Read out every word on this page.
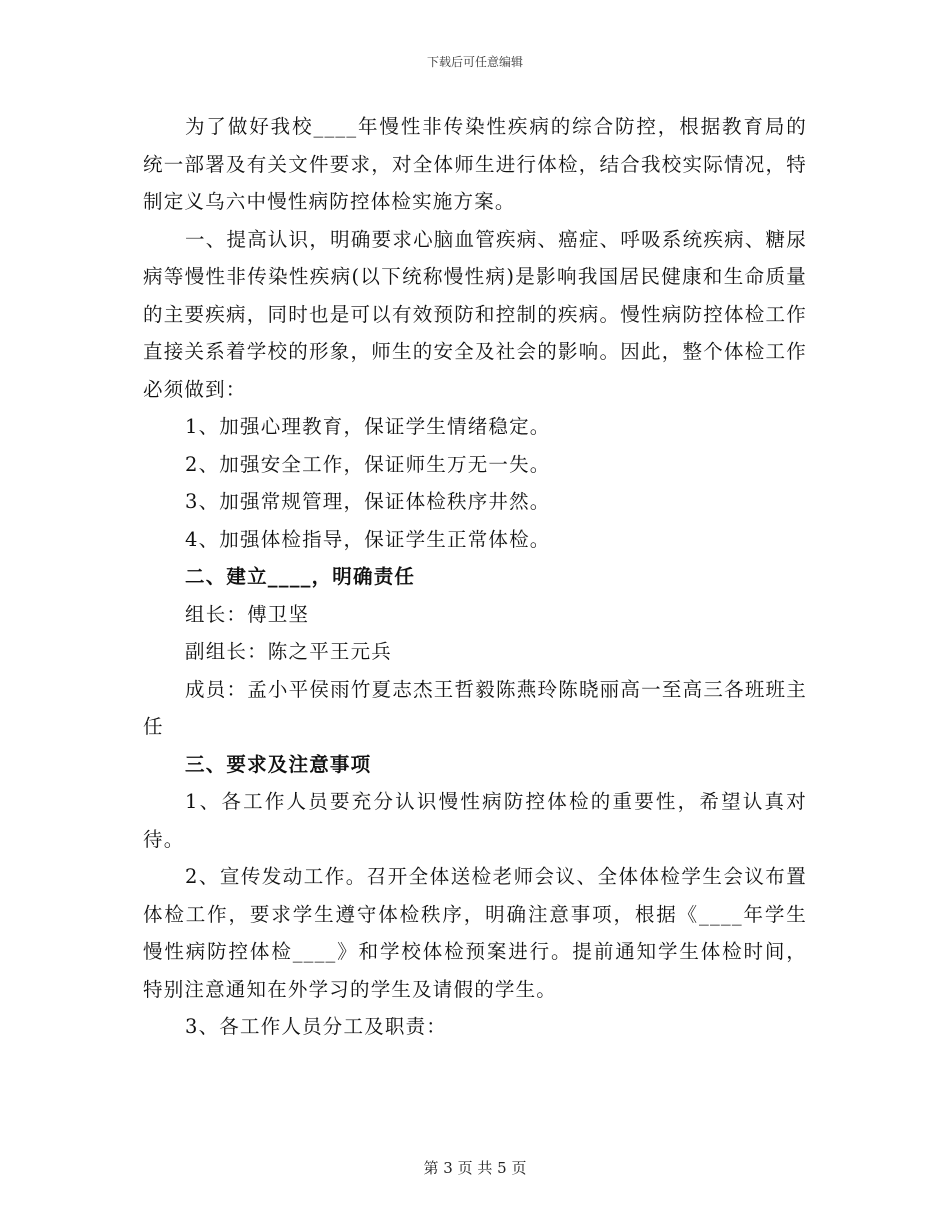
下载后可任意编辑

为了做好我校____年慢性非传染性疾病的综合防控，根据教育局的统一部署及有关文件要求，对全体师生进行体检，结合我校实际情况，特制定义乌六中慢性病防控体检实施方案。

一、提高认识，明确要求心脑血管疾病、癌症、呼吸系统疾病、糖尿病等慢性非传染性疾病(以下统称慢性病)是影响我国居民健康和生命质量的主要疾病，同时也是可以有效预防和控制的疾病。慢性病防控体检工作直接关系着学校的形象，师生的安全及社会的影响。因此，整个体检工作必须做到：

1、加强心理教育，保证学生情绪稳定。

2、加强安全工作，保证师生万无一失。

3、加强常规管理，保证体检秩序井然。

4、加强体检指导，保证学生正常体检。

二、建立____，明确责任

组长：傅卫坚

副组长：陈之平王元兵

成员：孟小平侯雨竹夏志杰王哲毅陈燕玲陈晓丽高一至高三各班班主任

三、要求及注意事项

1、各工作人员要充分认识慢性病防控体检的重要性，希望认真对待。

2、宣传发动工作。召开全体送检老师会议、全体体检学生会议布置体检工作，要求学生遵守体检秩序，明确注意事项，根据《____年学生慢性病防控体检____》和学校体检预案进行。提前通知学生体检时间，特别注意通知在外学习的学生及请假的学生。

3、各工作人员分工及职责：

第 3 页 共 5 页
